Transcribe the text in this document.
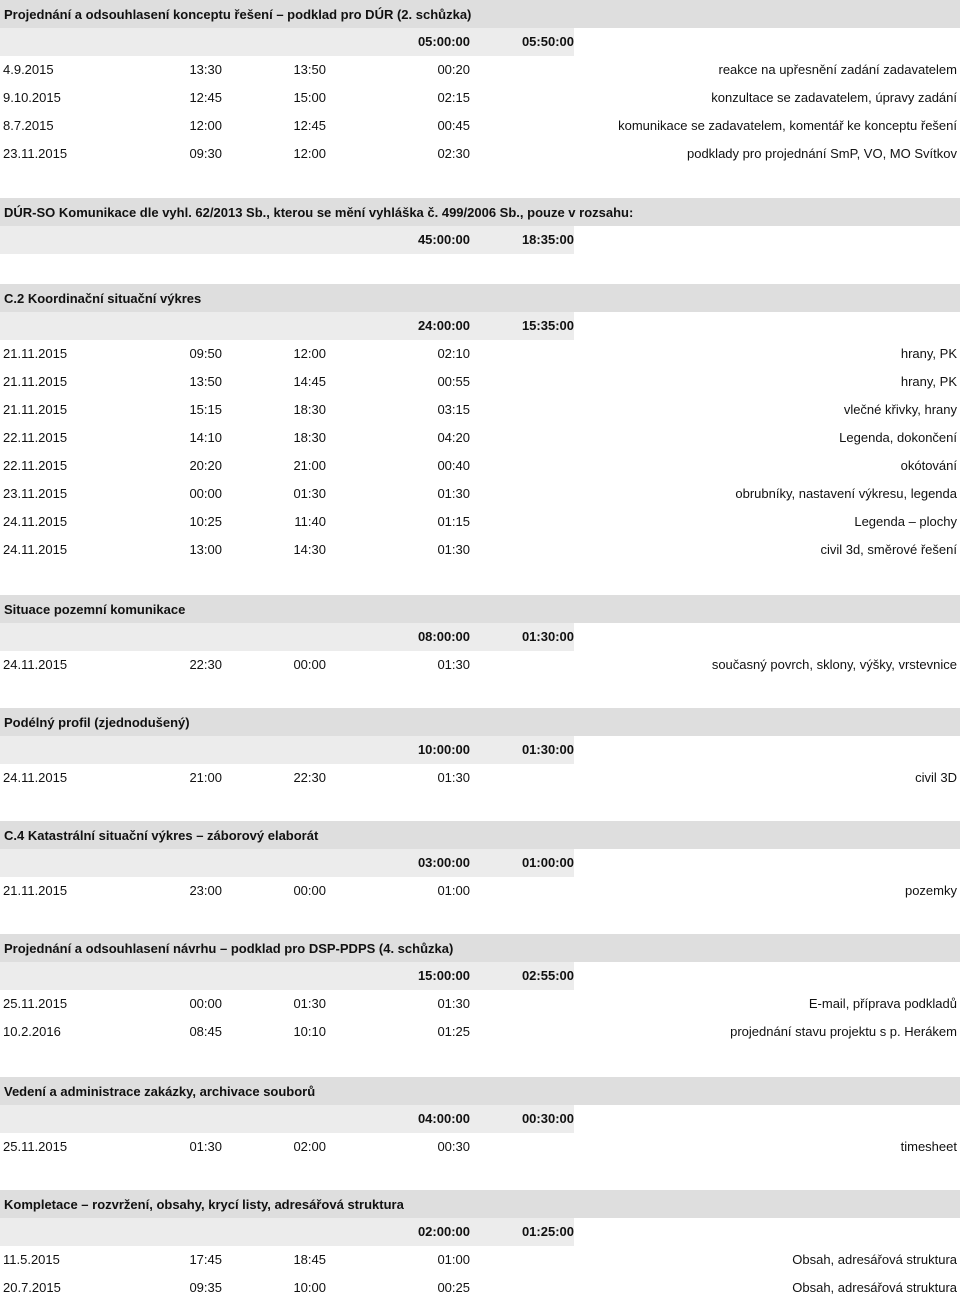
Projednání a odsouhlasení konceptu řešení – podklad pro DÚR (2. schůzka)
05:00:00	05:50:00
4.9.2015	13:30	13:50	00:20	reakce na upřesnění zadání zadavatelem
9.10.2015	12:45	15:00	02:15	konzultace se zadavatelem, úpravy zadání
8.7.2015	12:00	12:45	00:45	komunikace se zadavatelem, komentář ke konceptu řešení
23.11.2015	09:30	12:00	02:30	podklady pro projednání SmP, VO, MO Svítkov
DÚR-SO Komunikace dle vyhl. 62/2013 Sb., kterou se mění vyhláška č. 499/2006 Sb., pouze v rozsahu:
45:00:00	18:35:00
C.2 Koordinační situační výkres
24:00:00	15:35:00
21.11.2015	09:50	12:00	02:10	hrany, PK
21.11.2015	13:50	14:45	00:55	hrany, PK
21.11.2015	15:15	18:30	03:15	vlečné křivky, hrany
22.11.2015	14:10	18:30	04:20	Legenda, dokončení
22.11.2015	20:20	21:00	00:40	okótování
23.11.2015	00:00	01:30	01:30	obrubníky, nastavení výkresu, legenda
24.11.2015	10:25	11:40	01:15	Legenda – plochy
24.11.2015	13:00	14:30	01:30	civil 3d, směrové řešení
Situace pozemní komunikace
08:00:00	01:30:00
24.11.2015	22:30	00:00	01:30	současný povrch, sklony, výšky, vrstevnice
Podélný profil (zjednodušený)
10:00:00	01:30:00
24.11.2015	21:00	22:30	01:30	civil 3D
C.4 Katastrální situační výkres – záborový elaborát
03:00:00	01:00:00
21.11.2015	23:00	00:00	01:00	pozemky
Projednání a odsouhlasení návrhu – podklad pro DSP-PDPS (4. schůzka)
15:00:00	02:55:00
25.11.2015	00:00	01:30	01:30	E-mail, příprava podkladů
10.2.2016	08:45	10:10	01:25	projednání stavu projektu s p. Herákem
Vedení a administrace zakázky, archivace souborů
04:00:00	00:30:00
25.11.2015	01:30	02:00	00:30	timesheet
Kompletace – rozvržení, obsahy, krycí listy, adresářová struktura
02:00:00	01:25:00
11.5.2015	17:45	18:45	01:00	Obsah, adresářová struktura
20.7.2015	09:35	10:00	00:25	Obsah, adresářová struktura
